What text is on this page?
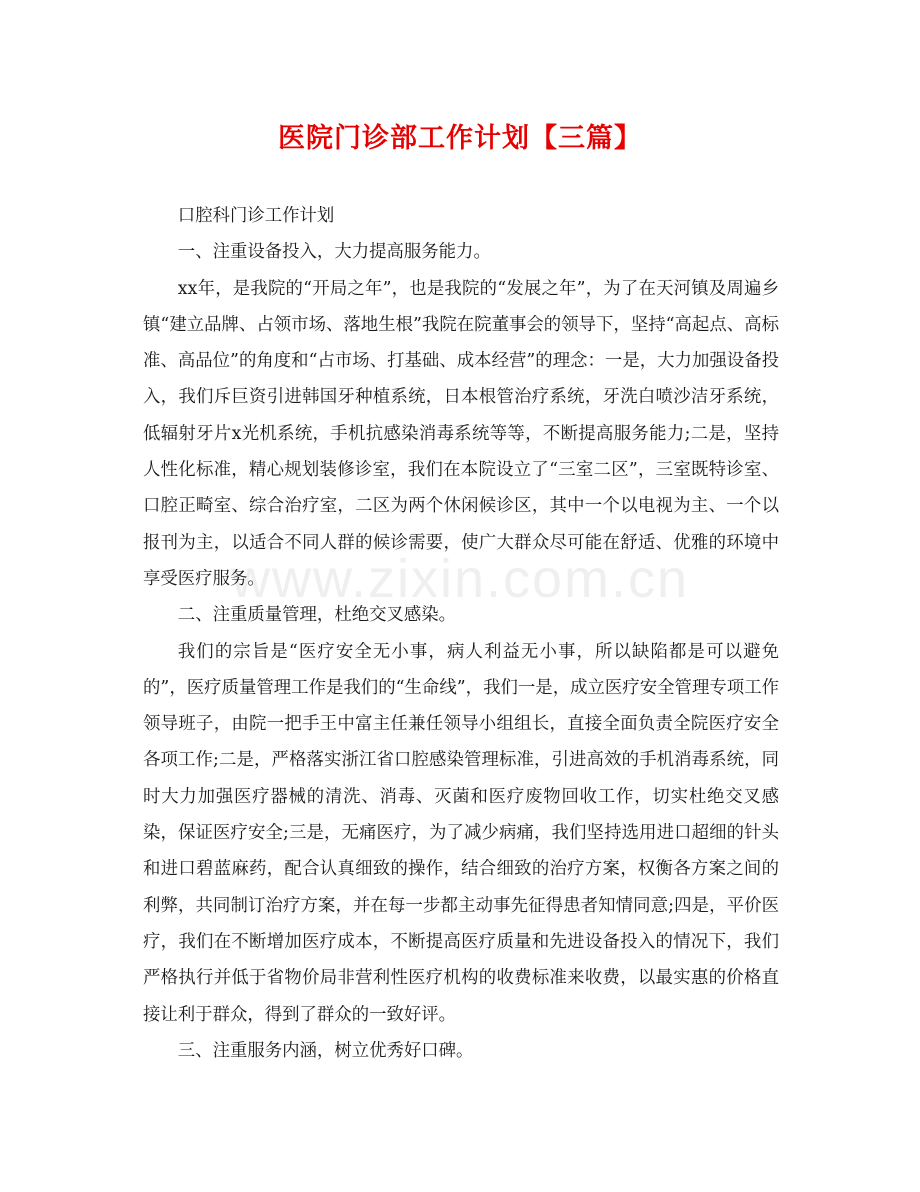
医院门诊部工作计划【三篇】
www.zixin.com.cn

口腔科门诊工作计划

一、注重设备投入，大力提高服务能力。

xx年，是我院的“开局之年”，也是我院的“发展之年”，为了在天河镇及周遍乡镇“建立品牌、占领市场、落地生根”我院在院董事会的领导下，坚持“高起点、高标准、高品位”的角度和“占市场、打基础、成本经营”的理念：一是，大力加强设备投入，我们斥巨资引进韩国牙种植系统，日本根管治疗系统，牙洗白喷沙洁牙系统，低辐射牙片x光机系统，手机抗感染消毒系统等等，不断提高服务能力;二是，坚持人性化标准，精心规划装修诊室，我们在本院设立了“三室二区”，三室既特诊室、口腔正畸室、综合治疗室，二区为两个休闲候诊区，其中一个以电视为主、一个以报刊为主，以适合不同人群的候诊需要，使广大群众尽可能在舒适、优雅的环境中享受医疗服务。

二、注重质量管理，杜绝交叉感染。

我们的宗旨是“医疗安全无小事，病人利益无小事，所以缺陷都是可以避免的”，医疗质量管理工作是我们的“生命线”，我们一是，成立医疗安全管理专项工作领导班子，由院一把手王中富主任兼任领导小组组长，直接全面负责全院医疗安全各项工作;二是，严格落实浙江省口腔感染管理标准，引进高效的手机消毒系统，同时大力加强医疗器械的清洗、消毒、灭菌和医疗废物回收工作，切实杜绝交叉感染，保证医疗安全;三是，无痛医疗，为了减少病痛，我们坚持选用进口超细的针头和进口碧蓝麻药，配合认真细致的操作，结合细致的治疗方案，权衡各方案之间的利弊，共同制订治疗方案，并在每一步都主动事先征得患者知情同意;四是，平价医疗，我们在不断增加医疗成本，不断提高医疗质量和先进设备投入的情况下，我们严格执行并低于省物价局非营利性医疗机构的收费标准来收费，以最实惠的价格直接让利于群众，得到了群众的一致好评。

三、注重服务内涵，树立优秀好口碑。
